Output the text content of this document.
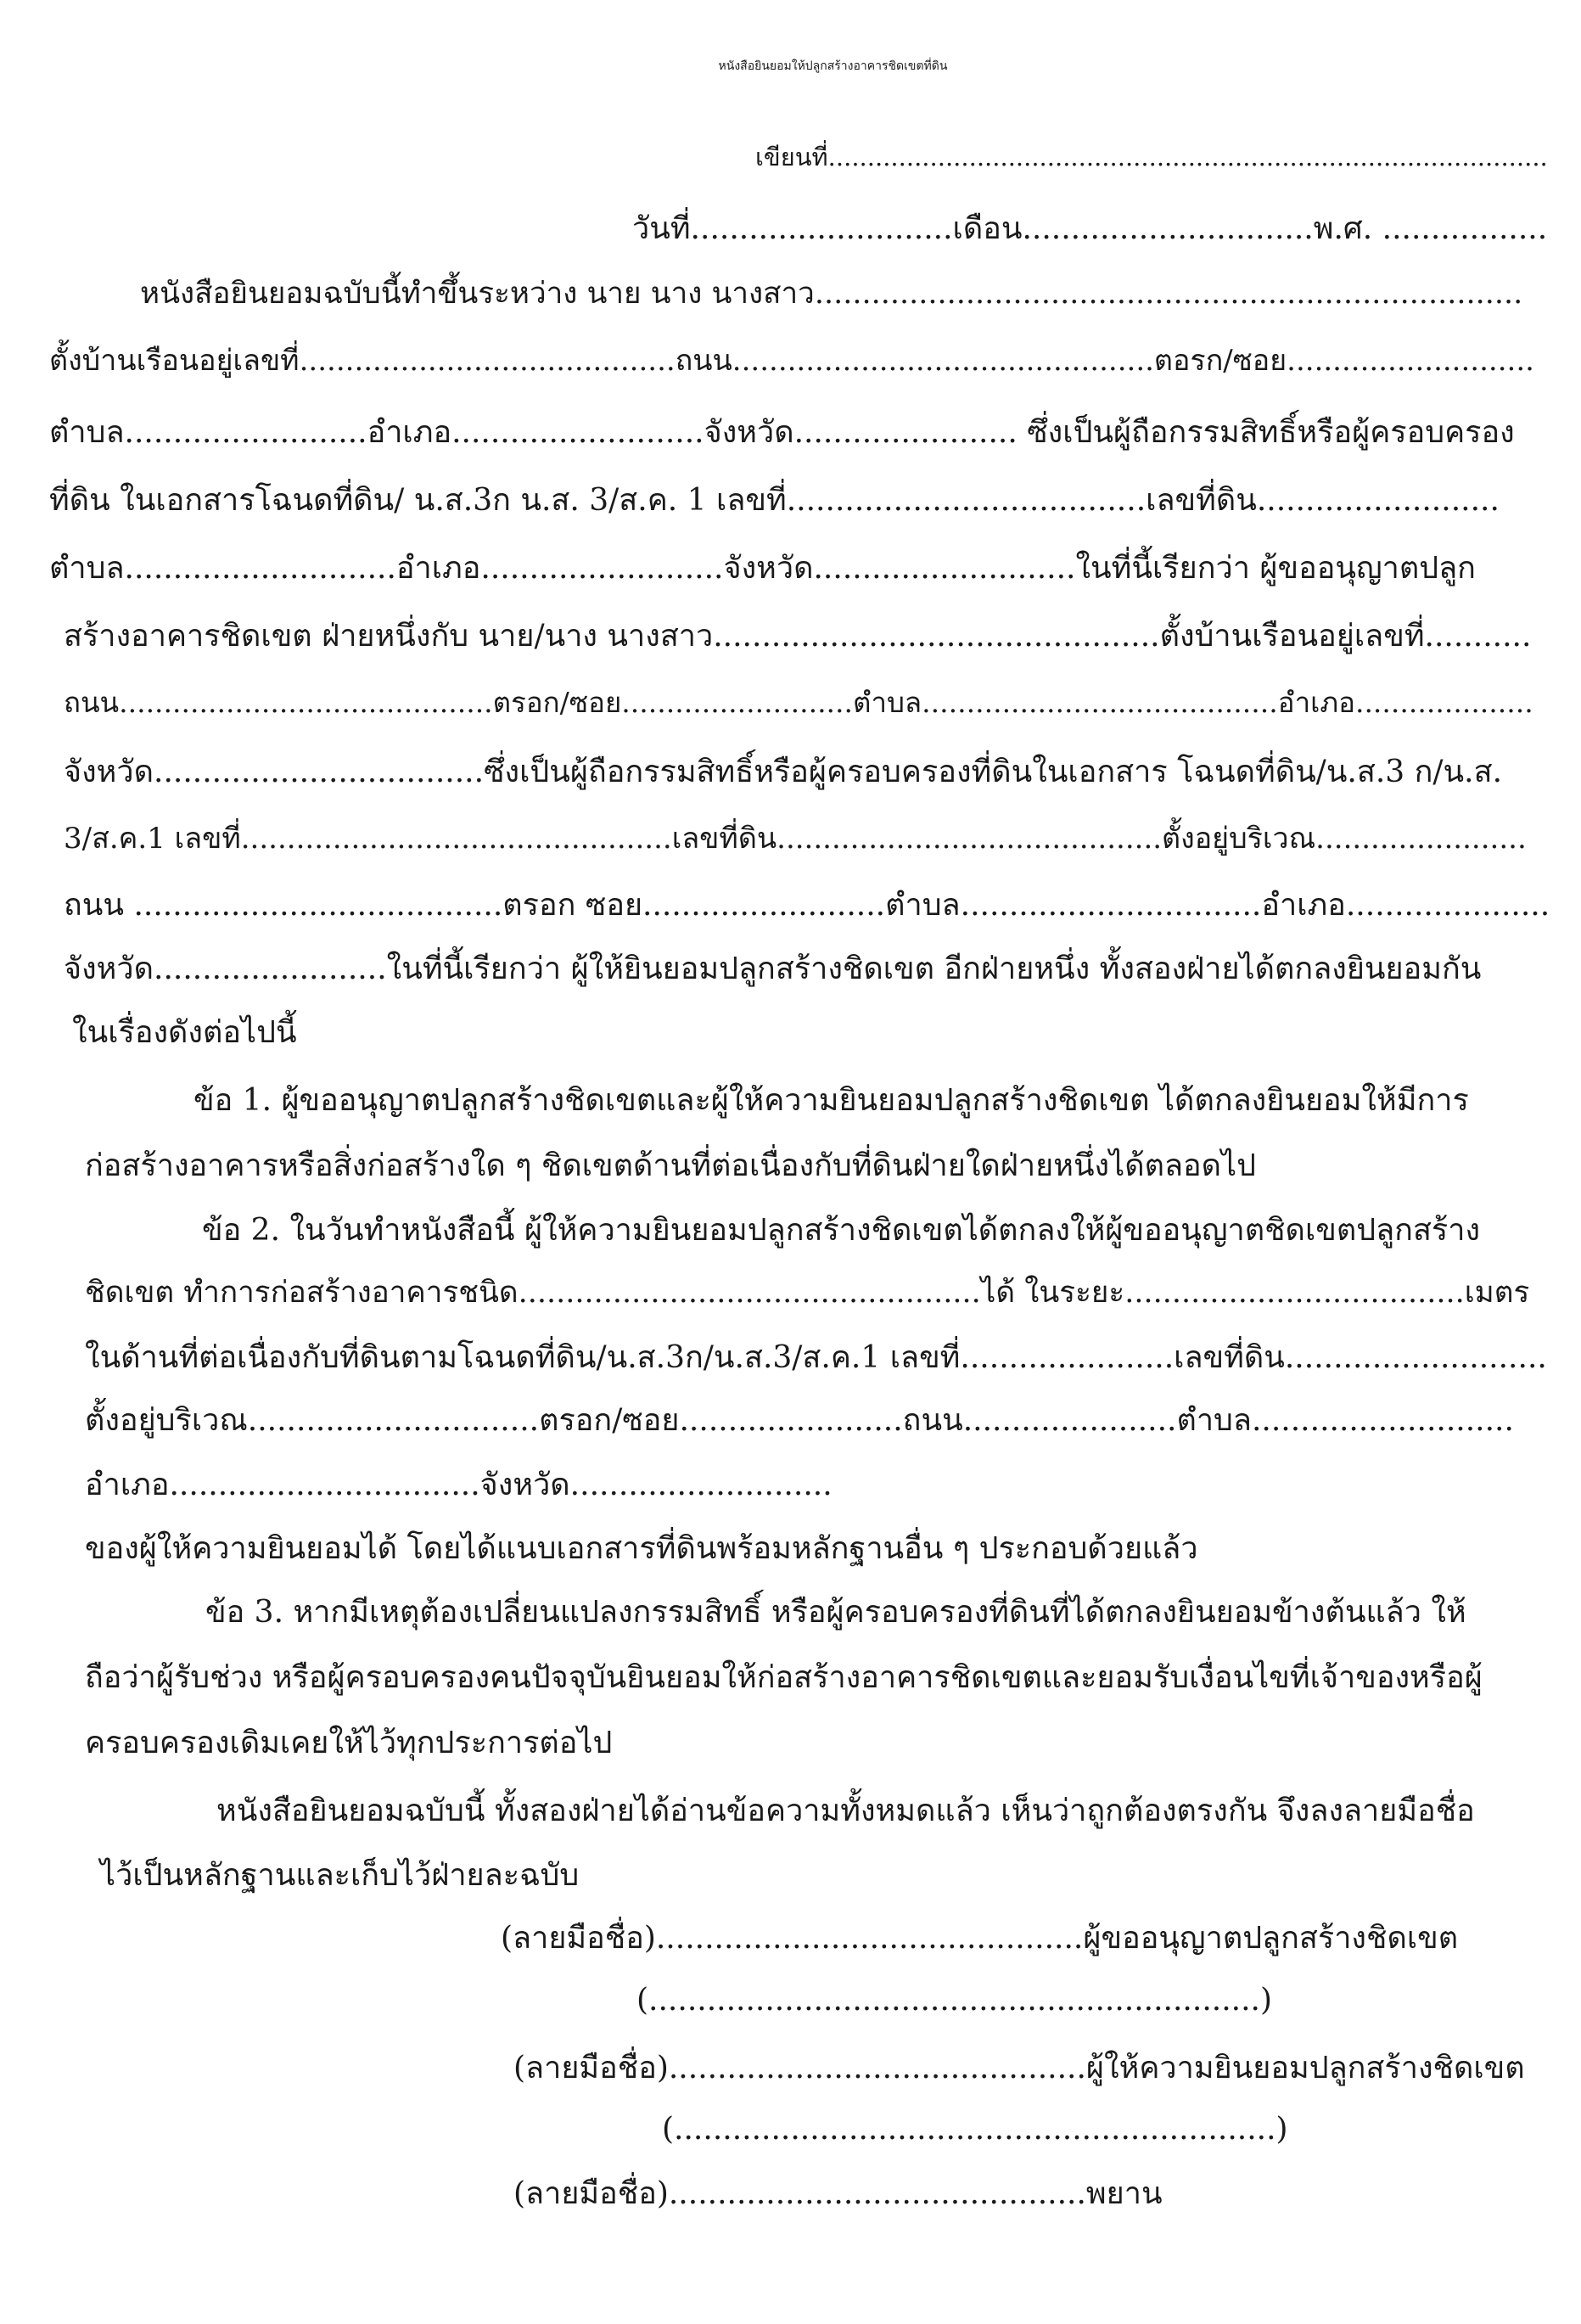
หนังสือยินยอมให้ปลูกสร้างอาคารชิดเขตที่ดิน
เขียนที่............................................................................................
วันที่...........................เดือน..............................พ.ศ. .................
หนังสือยินยอมฉบับนี้ทำขึ้นระหว่าง นาย นาง นางสาว...........................................................................
ตั้งบ้านเรือนอยู่เลขที่.........................................ถนน..............................................ตอรก/ซอย...........................
ตำบล.........................อำเภอ..........................จังหวัด....................... ซึ่งเป็นผู้ถือกรรมสิทธิ์หรือผู้ครอบครอง
ที่ดิน ในเอกสารโฉนดที่ดิน/ น.ส.3ก น.ส. 3/ส.ค. 1 เลขที่.....................................เลขที่ดิน.........................
ตำบล............................อำเภอ.........................จังหวัด...........................ในที่นี้เรียกว่า ผู้ขออนุญาตปลูก
สร้างอาคารชิดเขต ฝ่ายหนึ่งกับ นาย/นาง นางสาว..............................................ตั้งบ้านเรือนอยู่เลขที่...........
ถนน..........................................ตรอก/ซอย..........................ตำบล........................................อำเภอ....................
จังหวัด..................................ซึ่งเป็นผู้ถือกรรมสิทธิ์หรือผู้ครอบครองที่ดินในเอกสาร โฉนดที่ดิน/น.ส.3 ก/น.ส.
3/ส.ค.1 เลขที่...............................................เลขที่ดิน..........................................ตั้งอยู่บริเวณ.......................
ถนน ......................................ตรอก ซอย.........................ตำบล...............................อำเภอ.....................
จังหวัด........................ในที่นี้เรียกว่า ผู้ให้ยินยอมปลูกสร้างชิดเขต อีกฝ่ายหนึ่ง ทั้งสองฝ่ายได้ตกลงยินยอมกัน
ในเรื่องดังต่อไปนี้
ข้อ 1. ผู้ขออนุญาตปลูกสร้างชิดเขตและผู้ให้ความยินยอมปลูกสร้างชิดเขต ได้ตกลงยินยอมให้มีการ
ก่อสร้างอาคารหรือสิ่งก่อสร้างใด ๆ ชิดเขตด้านที่ต่อเนื่องกับที่ดินฝ่ายใดฝ่ายหนึ่งได้ตลอดไป
ข้อ 2. ในวันทำหนังสือนี้ ผู้ให้ความยินยอมปลูกสร้างชิดเขตได้ตกลงให้ผู้ขออนุญาตชิดเขตปลูกสร้าง
ชิดเขต ทำการก่อสร้างอาคารชนิด.................................................ได้ ในระยะ....................................เมตร
ในด้านที่ต่อเนื่องกับที่ดินตามโฉนดที่ดิน/น.ส.3ก/น.ส.3/ส.ค.1 เลขที่......................เลขที่ดิน...........................
ตั้งอยู่บริเวณ..............................ตรอก/ซอย.......................ถนน......................ตำบล...........................
อำเภอ................................จังหวัด...........................
ของผู้ให้ความยินยอมได้ โดยได้แนบเอกสารที่ดินพร้อมหลักฐานอื่น ๆ ประกอบด้วยแล้ว
ข้อ 3. หากมีเหตุต้องเปลี่ยนแปลงกรรมสิทธิ์ หรือผู้ครอบครองที่ดินที่ได้ตกลงยินยอมข้างต้นแล้ว ให้
ถือว่าผู้รับช่วง หรือผู้ครอบครองคนปัจจุบันยินยอมให้ก่อสร้างอาคารชิดเขตและยอมรับเงื่อนไขที่เจ้าของหรือผู้
ครอบครองเดิมเคยให้ไว้ทุกประการต่อไป
หนังสือยินยอมฉบับนี้ ทั้งสองฝ่ายได้อ่านข้อความทั้งหมดแล้ว เห็นว่าถูกต้องตรงกัน จึงลงลายมือชื่อ
ไว้เป็นหลักฐานและเก็บไว้ฝ่ายละฉบับ
(ลายมือชื่อ)............................................ผู้ขออนุญาตปลูกสร้างชิดเขต
(...............................................................)
(ลายมือชื่อ)...........................................ผู้ให้ความยินยอมปลูกสร้างชิดเขต
(..............................................................)
(ลายมือชื่อ)...........................................พยาน
